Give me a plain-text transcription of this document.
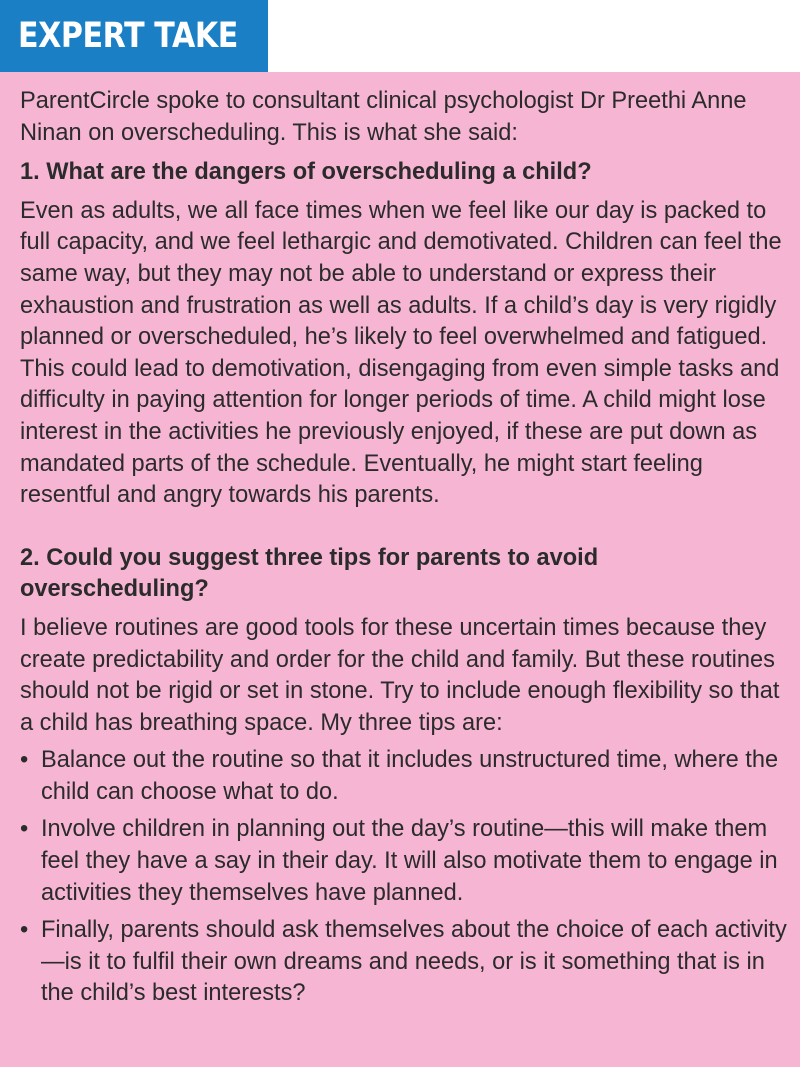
EXPERT TAKE

ParentCircle spoke to consultant clinical psychologist Dr Preethi Anne Ninan on overscheduling. This is what she said:

1. What are the dangers of overscheduling a child?

Even as adults, we all face times when we feel like our day is packed to full capacity, and we feel lethargic and demotivated. Children can feel the same way, but they may not be able to understand or express their exhaustion and frustration as well as adults. If a child’s day is very rigidly planned or overscheduled, he’s likely to feel overwhelmed and fatigued. This could lead to demotivation, disengaging from even simple tasks and difficulty in paying attention for longer periods of time. A child might lose interest in the activities he previously enjoyed, if these are put down as mandated parts of the schedule. Eventually, he might start feeling resentful and angry towards his parents.

2. Could you suggest three tips for parents to avoid overscheduling?

I believe routines are good tools for these uncertain times because they create predictability and order for the child and family. But these routines should not be rigid or set in stone. Try to include enough flexibility so that a child has breathing space. My three tips are:

• Balance out the routine so that it includes unstructured time, where the child can choose what to do.
• Involve children in planning out the day’s routine—this will make them feel they have a say in their day. It will also motivate them to engage in activities they themselves have planned.
• Finally, parents should ask themselves about the choice of each activity—is it to fulfil their own dreams and needs, or is it something that is in the child’s best interests?
